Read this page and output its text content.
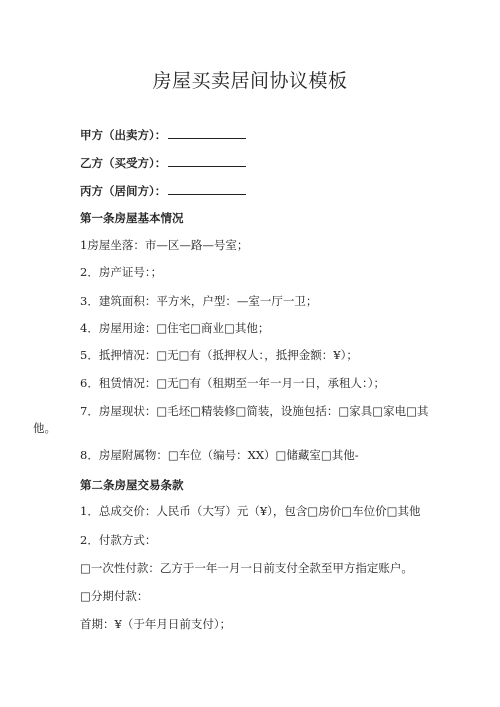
房屋买卖居间协议模板
甲方（出卖方）：
乙方（买受方）：
丙方（居间方）：
第一条房屋基本情况
1房屋坐落：市—区—路—号室；
2．房产证号：；
3．建筑面积：平方米，户型：—室一厅一卫；
4．房屋用途：□住宅□商业□其他；
5．抵押情况：□无□有（抵押权人：，抵押金额：¥）；
6．租赁情况：□无□有（租期至一年一月一日，承租人：）；
7．房屋现状：□毛坯□精装修□简装，设施包括：□家具□家电□其
他。
8．房屋附属物：□车位（编号：XX）□储藏室□其他-
第二条房屋交易条款
1．总成交价：人民币（大写）元（¥），包含□房价□车位价□其他
2．付款方式：
□一次性付款：乙方于一年一月一日前支付全款至甲方指定账户。
□分期付款：
首期：¥（于年月日前支付）；
